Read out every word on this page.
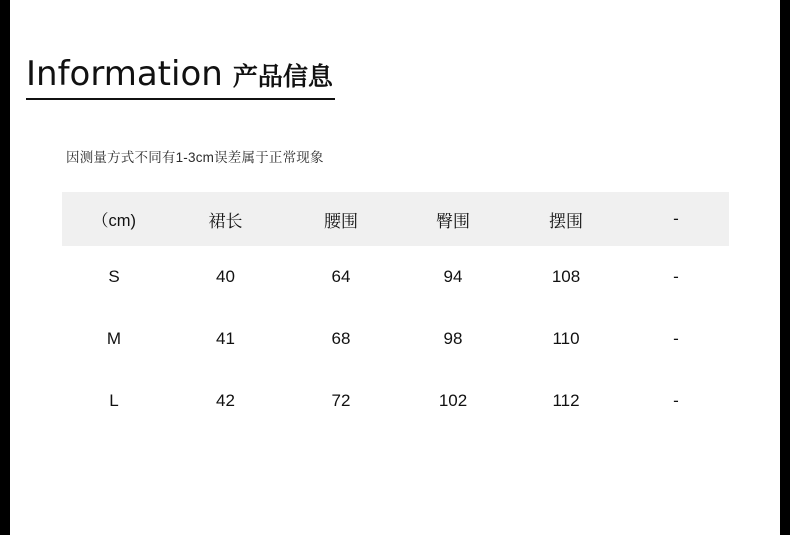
Information 产品信息
因测量方式不同有1-3cm误差属于正常现象
（cm)	裙长	腰围	臀围	摆围	-
S	40	64	94	108	-
M	41	68	98	110	-
L	42	72	102	112	-
